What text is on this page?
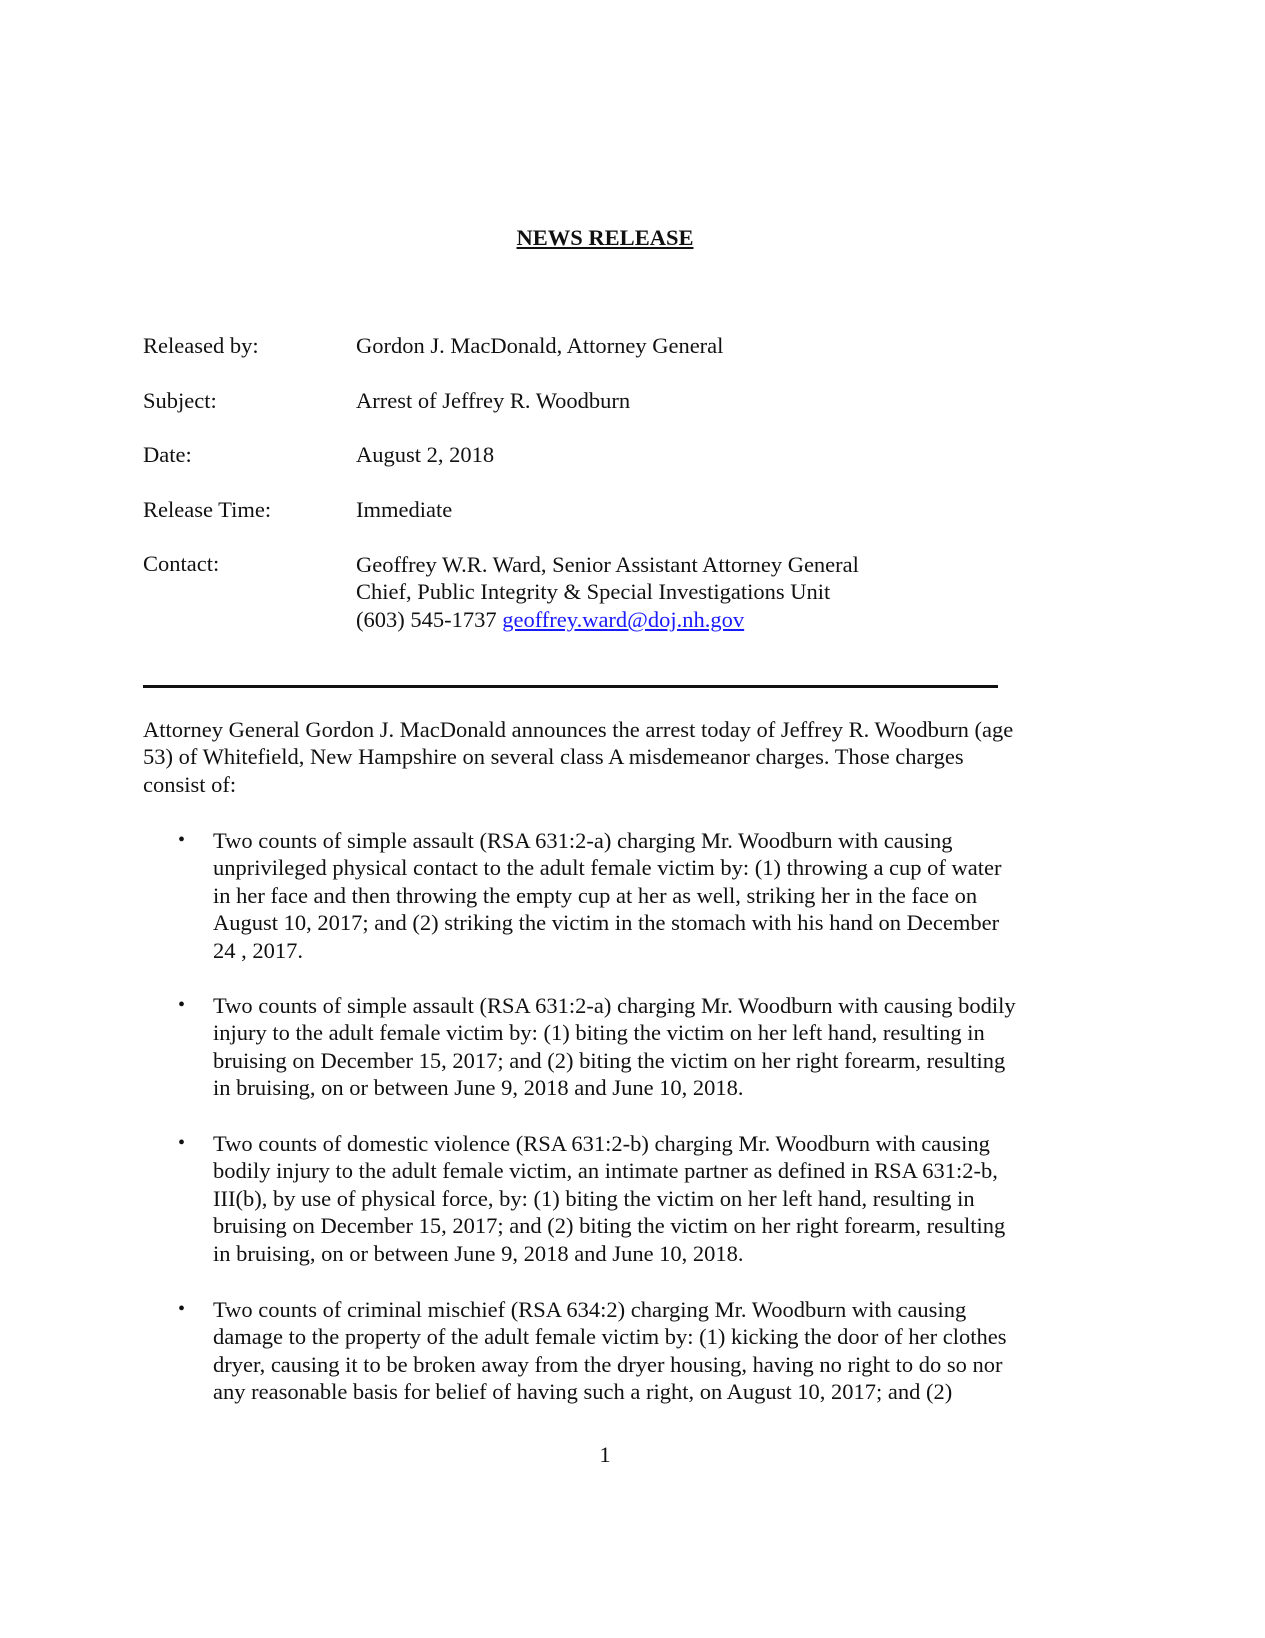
NEWS RELEASE
Released by:	Gordon J. MacDonald, Attorney General
Subject:	Arrest of Jeffrey R. Woodburn
Date:	August 2, 2018
Release Time:	Immediate
Contact:	Geoffrey W.R. Ward, Senior Assistant Attorney General
Chief, Public Integrity & Special Investigations Unit
(603) 545-1737 geoffrey.ward@doj.nh.gov
Attorney General Gordon J. MacDonald announces the arrest today of Jeffrey R. Woodburn (age
53) of Whitefield, New Hampshire on several class A misdemeanor charges. Those charges
consist of:
• Two counts of simple assault (RSA 631:2-a) charging Mr. Woodburn with causing
unprivileged physical contact to the adult female victim by: (1) throwing a cup of water
in her face and then throwing the empty cup at her as well, striking her in the face on
August 10, 2017; and (2) striking the victim in the stomach with his hand on December
24 , 2017.
• Two counts of simple assault (RSA 631:2-a) charging Mr. Woodburn with causing bodily
injury to the adult female victim by: (1) biting the victim on her left hand, resulting in
bruising on December 15, 2017; and (2) biting the victim on her right forearm, resulting
in bruising, on or between June 9, 2018 and June 10, 2018.
• Two counts of domestic violence (RSA 631:2-b) charging Mr. Woodburn with causing
bodily injury to the adult female victim, an intimate partner as defined in RSA 631:2-b,
III(b), by use of physical force, by: (1) biting the victim on her left hand, resulting in
bruising on December 15, 2017; and (2) biting the victim on her right forearm, resulting
in bruising, on or between June 9, 2018 and June 10, 2018.
• Two counts of criminal mischief (RSA 634:2) charging Mr. Woodburn with causing
damage to the property of the adult female victim by: (1) kicking the door of her clothes
dryer, causing it to be broken away from the dryer housing, having no right to do so nor
any reasonable basis for belief of having such a right, on August 10, 2017; and (2)
1
